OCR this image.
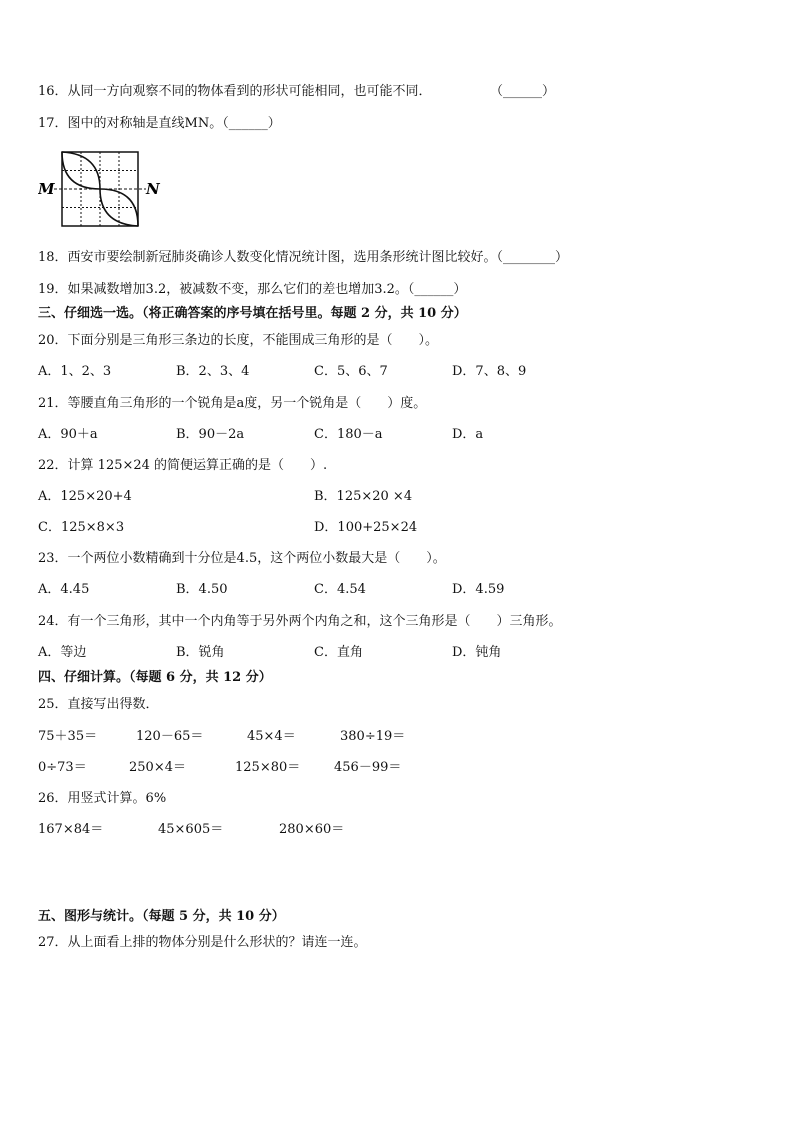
16．从同一方向观察不同的物体看到的形状可能相同，也可能不同．	（______）
17．图中的对称轴是直线MN。（______）
M	N
18．西安市要绘制新冠肺炎确诊人数变化情况统计图，选用条形统计图比较好。（________）
19．如果减数增加3.2，被减数不变，那么它们的差也增加3.2。（______）
三、仔细选一选。（将正确答案的序号填在括号里。每题 2 分，共 10 分）
20．下面分别是三角形三条边的长度，不能围成三角形的是（　　）。
A．1、2、3	B．2、3、4	C．5、6、7	D．7、8、9
21．等腰直角三角形的一个锐角是a度，另一个锐角是（　　）度。
A．90＋a	B．90－2a	C．180－a	D．a
22．计算 125×24 的简便运算正确的是（　　）.
A．125×20+4	B．125×20 ×4
C．125×8×3	D．100+25×24
23．一个两位小数精确到十分位是4.5，这个两位小数最大是（　　）。
A．4.45	B．4.50	C．4.54	D．4.59
24．有一个三角形，其中一个内角等于另外两个内角之和，这个三角形是（　　）三角形。
A．等边	B．锐角	C．直角	D．钝角
四、仔细计算。（每题 6 分，共 12 分）
25．直接写出得数．
75＋35＝	120－65＝	45×4＝	380÷19＝
0÷73＝	250×4＝	125×80＝	456－99＝
26．用竖式计算。6%
167×84＝	45×605＝	280×60＝
五、图形与统计。（每题 5 分，共 10 分）
27．从上面看上排的物体分别是什么形状的？请连一连。
